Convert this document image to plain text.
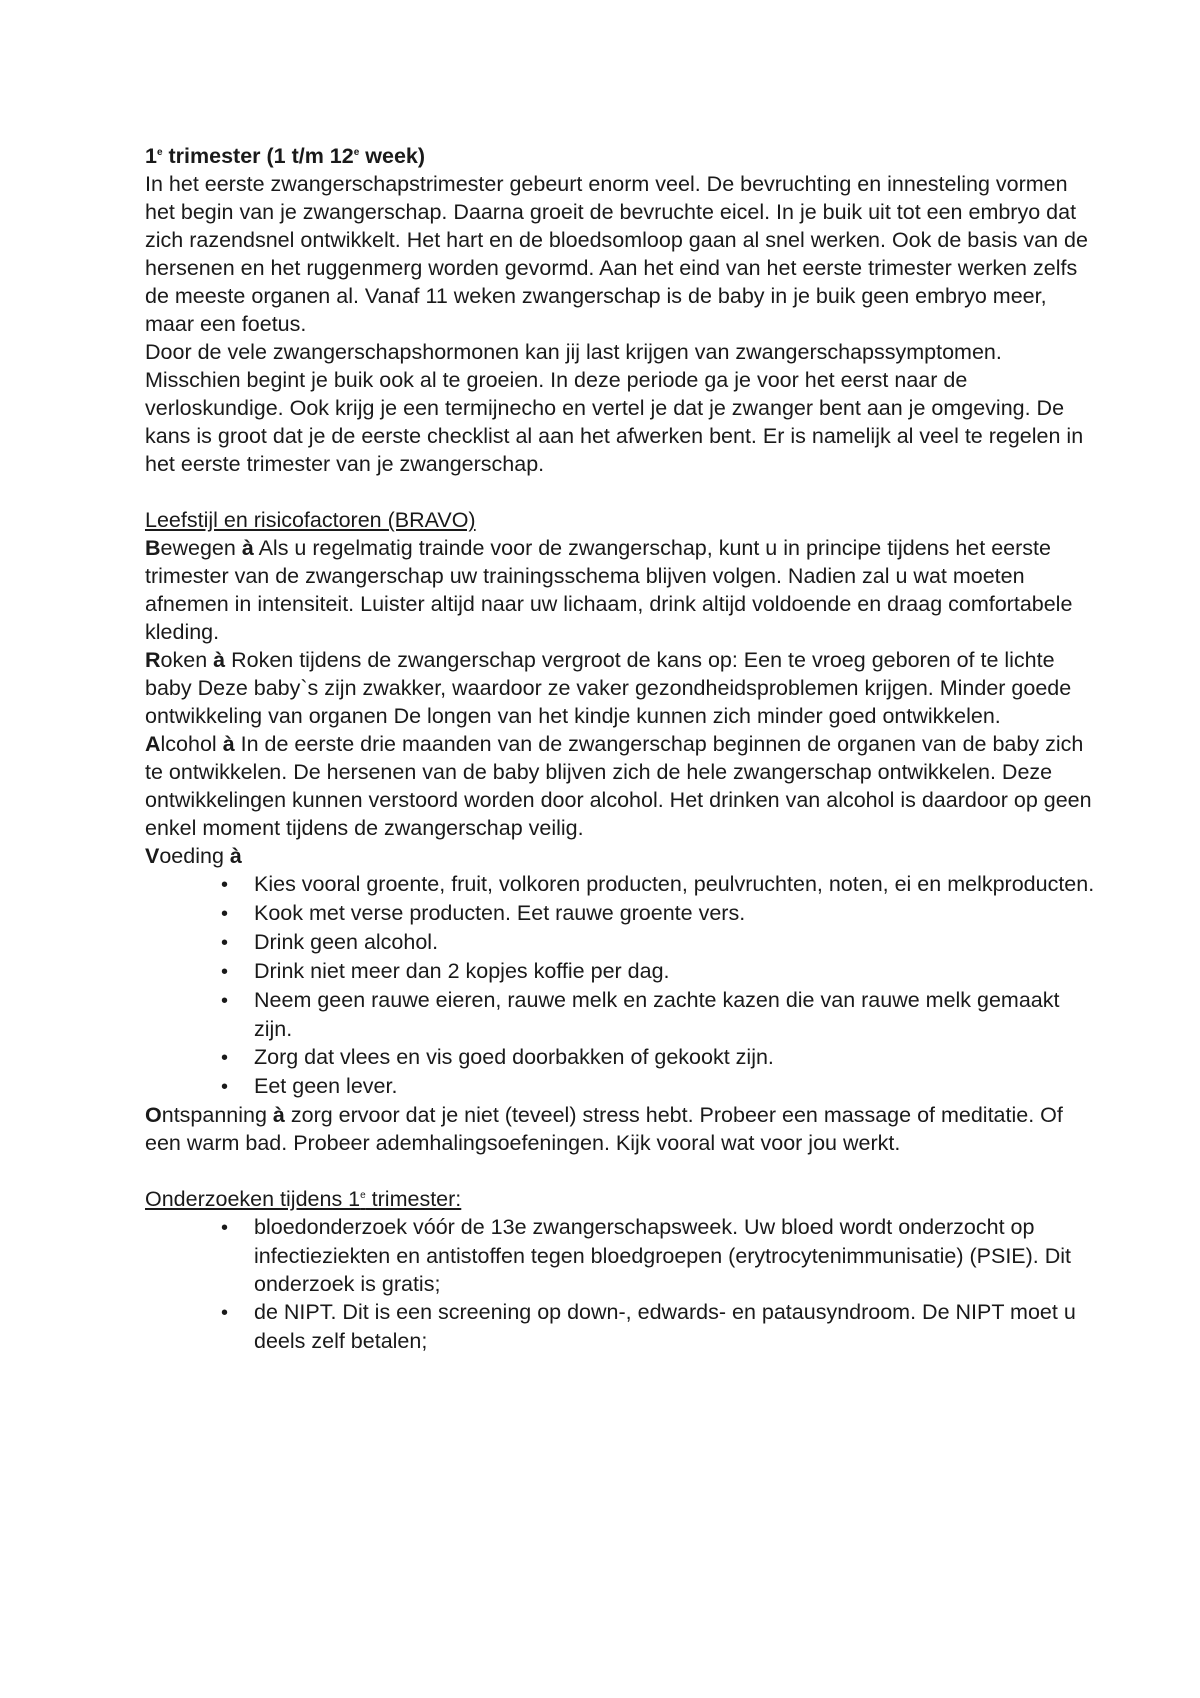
1e trimester (1 t/m 12e week)

In het eerste zwangerschapstrimester gebeurt enorm veel. De bevruchting en innesteling vormen het begin van je zwangerschap. Daarna groeit de bevruchte eicel. In je buik uit tot een embryo dat zich razendsnel ontwikkelt. Het hart en de bloedsomloop gaan al snel werken. Ook de basis van de hersenen en het ruggenmerg worden gevormd. Aan het eind van het eerste trimester werken zelfs de meeste organen al. Vanaf 11 weken zwangerschap is de baby in je buik geen embryo meer, maar een foetus.

Door de vele zwangerschapshormonen kan jij last krijgen van zwangerschapssymptomen. Misschien begint je buik ook al te groeien. In deze periode ga je voor het eerst naar de verloskundige. Ook krijg je een termijnecho en vertel je dat je zwanger bent aan je omgeving. De kans is groot dat je de eerste checklist al aan het afwerken bent. Er is namelijk al veel te regelen in het eerste trimester van je zwangerschap.

Leefstijl en risicofactoren (BRAVO)

Bewegen à Als u regelmatig trainde voor de zwangerschap, kunt u in principe tijdens het eerste trimester van de zwangerschap uw trainingsschema blijven volgen. Nadien zal u wat moeten afnemen in intensiteit. Luister altijd naar uw lichaam, drink altijd voldoende en draag comfortabele kleding.

Roken à Roken tijdens de zwangerschap vergroot de kans op: Een te vroeg geboren of te lichte baby Deze baby`s zijn zwakker, waardoor ze vaker gezondheidsproblemen krijgen. Minder goede ontwikkeling van organen De longen van het kindje kunnen zich minder goed ontwikkelen.

Alcohol à In de eerste drie maanden van de zwangerschap beginnen de organen van de baby zich te ontwikkelen. De hersenen van de baby blijven zich de hele zwangerschap ontwikkelen. Deze ontwikkelingen kunnen verstoord worden door alcohol. Het drinken van alcohol is daardoor op geen enkel moment tijdens de zwangerschap veilig.

Voeding à

• Kies vooral groente, fruit, volkoren producten, peulvruchten, noten, ei en melkproducten.
• Kook met verse producten. Eet rauwe groente vers.
• Drink geen alcohol.
• Drink niet meer dan 2 kopjes koffie per dag.
• Neem geen rauwe eieren, rauwe melk en zachte kazen die van rauwe melk gemaakt zijn.
• Zorg dat vlees en vis goed doorbakken of gekookt zijn.
• Eet geen lever.

Ontspanning à zorg ervoor dat je niet (teveel) stress hebt. Probeer een massage of meditatie. Of een warm bad. Probeer ademhalingsoefeningen. Kijk vooral wat voor jou werkt.

Onderzoeken tijdens 1e trimester:

• bloedonderzoek vóór de 13e zwangerschapsweek. Uw bloed wordt onderzocht op infectieziekten en antistoffen tegen bloedgroepen (erytrocytenimmunisatie) (PSIE). Dit onderzoek is gratis;
• de NIPT. Dit is een screening op down-, edwards- en patausyndroom. De NIPT moet u deels zelf betalen;
